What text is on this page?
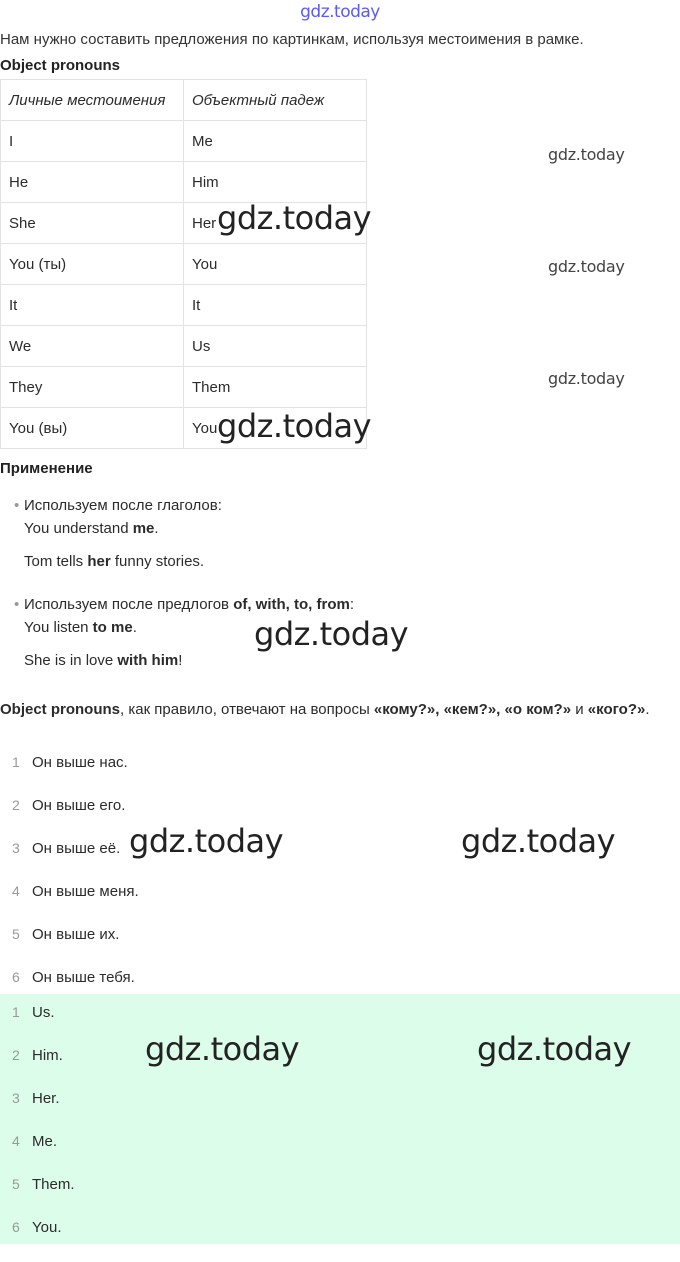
gdz.today
Нам нужно составить предложения по картинкам, используя местоимения в рамке.
Object pronouns
Личные местоимения	Объектный падеж
I	Me
He	Him
She	Her
You (ты)	You
It	It
We	Us
They	Them
You (вы)	You
gdz.today
gdz.today
gdz.today
gdz.today
gdz.today
Применение
• Используем после глаголов:
You understand me.
Tom tells her funny stories.
• Используем после предлогов of, with, to, from:
You listen to me.
She is in love with him!
gdz.today
Object pronouns, как правило, отвечают на вопросы «кому?», «кем?», «о ком?» и «кого?».
1 Он выше нас.
2 Он выше его.
3 Он выше её.
4 Он выше меня.
5 Он выше их.
6 Он выше тебя.
gdz.today	gdz.today
1 Us.
2 Him.
3 Her.
4 Me.
5 Them.
6 You.
gdz.today	gdz.today
